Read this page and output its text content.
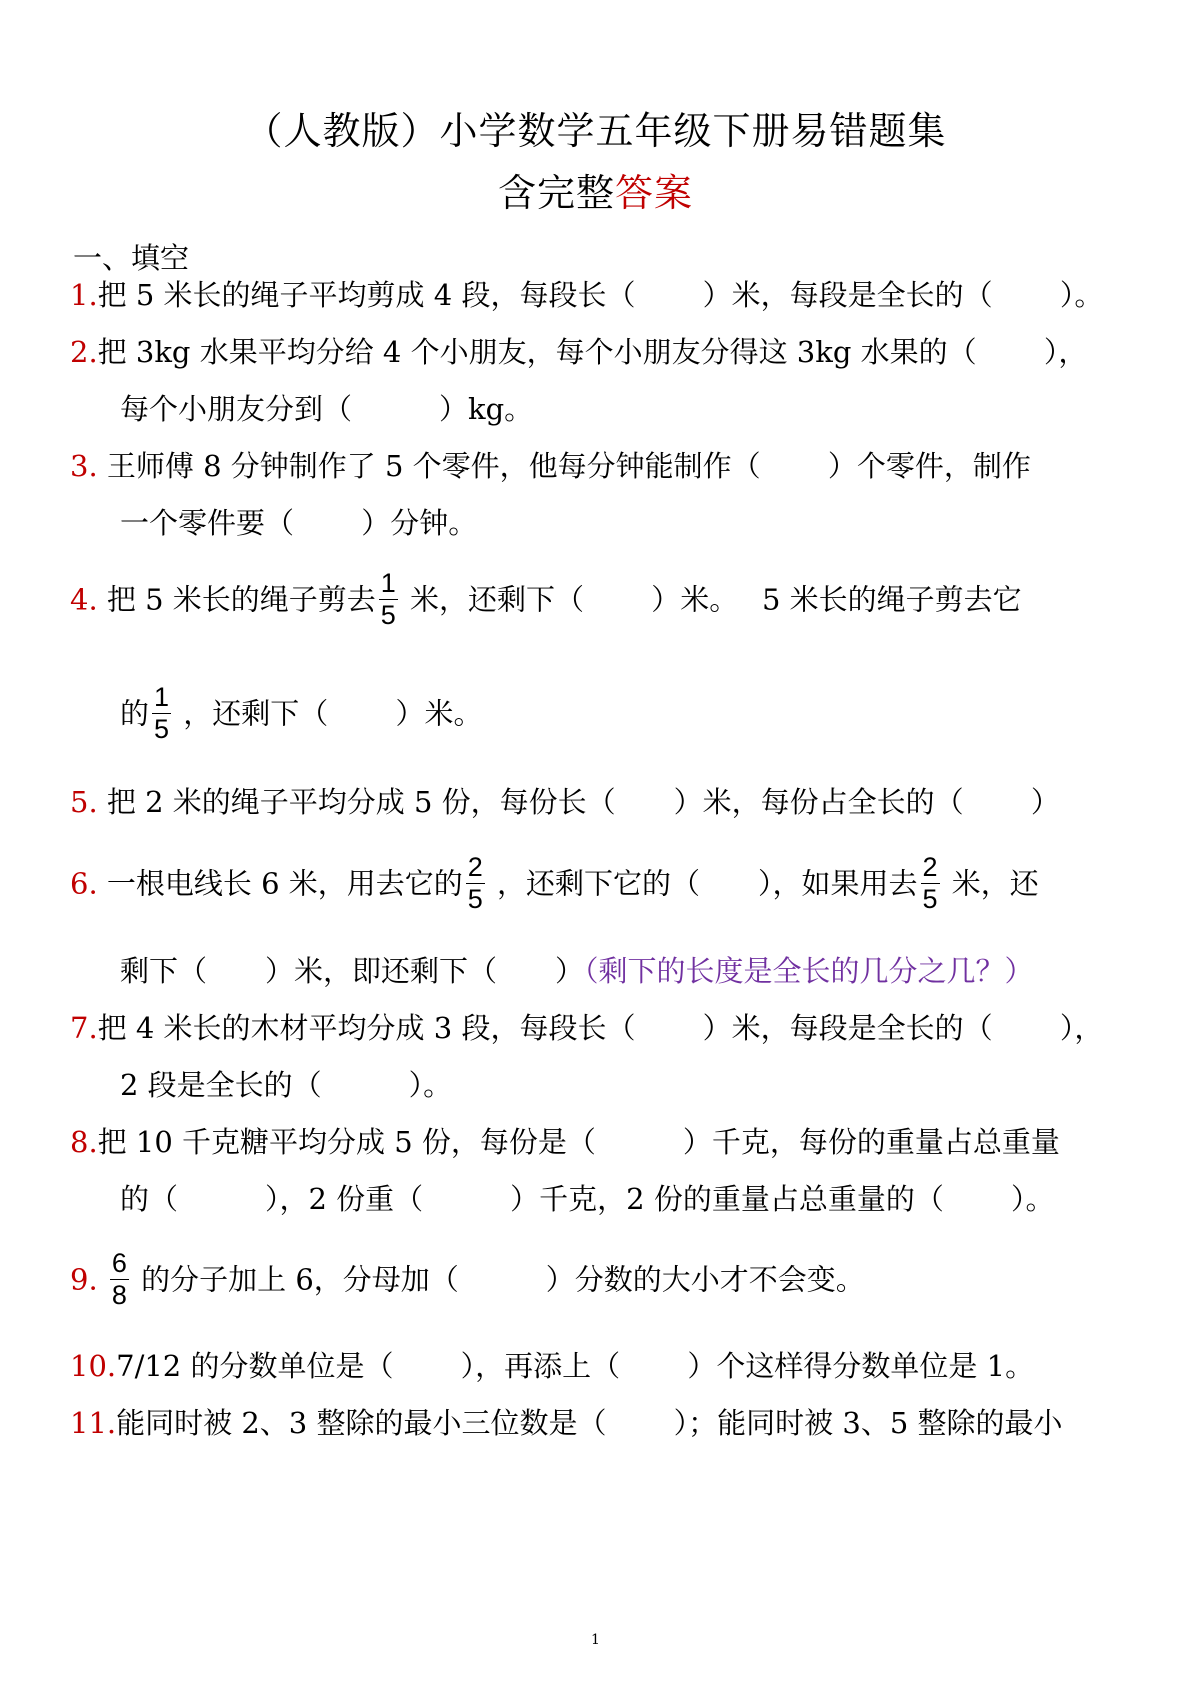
（人教版）小学数学五年级下册易错题集
含完整答案
一、填空
1.把 5 米长的绳子平均剪成 4 段，每段长（　　 ）米，每段是全长的（　　 ）。
2.把 3kg 水果平均分给 4 个小朋友，每个小朋友分得这 3kg 水果的（　　 ），
每个小朋友分到（　　　）kg。
3. 王师傅 8 分钟制作了 5 个零件，他每分钟能制作（　　 ）个零件，制作
一个零件要（　　 ）分钟。
4. 把 5 米长的绳子剪去 $\frac{1}{5}$ 米，还剩下（　　 ）米。　 5 米长的绳子剪去它
的 $\frac{1}{5}$ ，还剩下（　　 ）米。
5. 把 2 米的绳子平均分成 5 份，每份长（　　）米，每份占全长的（　　 ）
6. 一根电线长 6 米，用去它的 $\frac{2}{5}$ ，还剩下它的（　　），如果用去 $\frac{2}{5}$ 米，还
剩下（　　）米，即还剩下（　　）（剩下的长度是全长的几分之几？）
7.把 4 米长的木材平均分成 3 段，每段长（　　 ）米，每段是全长的（　　 ），
2 段是全长的（　　　）。
8.把 10 千克糖平均分成 5 份，每份是（　　　）千克，每份的重量占总重量
的（　　　），2 份重（　　　）千克，2 份的重量占总重量的（　　 ）。
9. $\frac{6}{8}$ 的分子加上 6，分母加（　　　）分数的大小才不会变。
10.7/12 的分数单位是（　　 ），再添上（　　 ）个这样得分数单位是 1。
11.能同时被 2、3 整除的最小三位数是（　　 ）；能同时被 3、5 整除的最小
1
